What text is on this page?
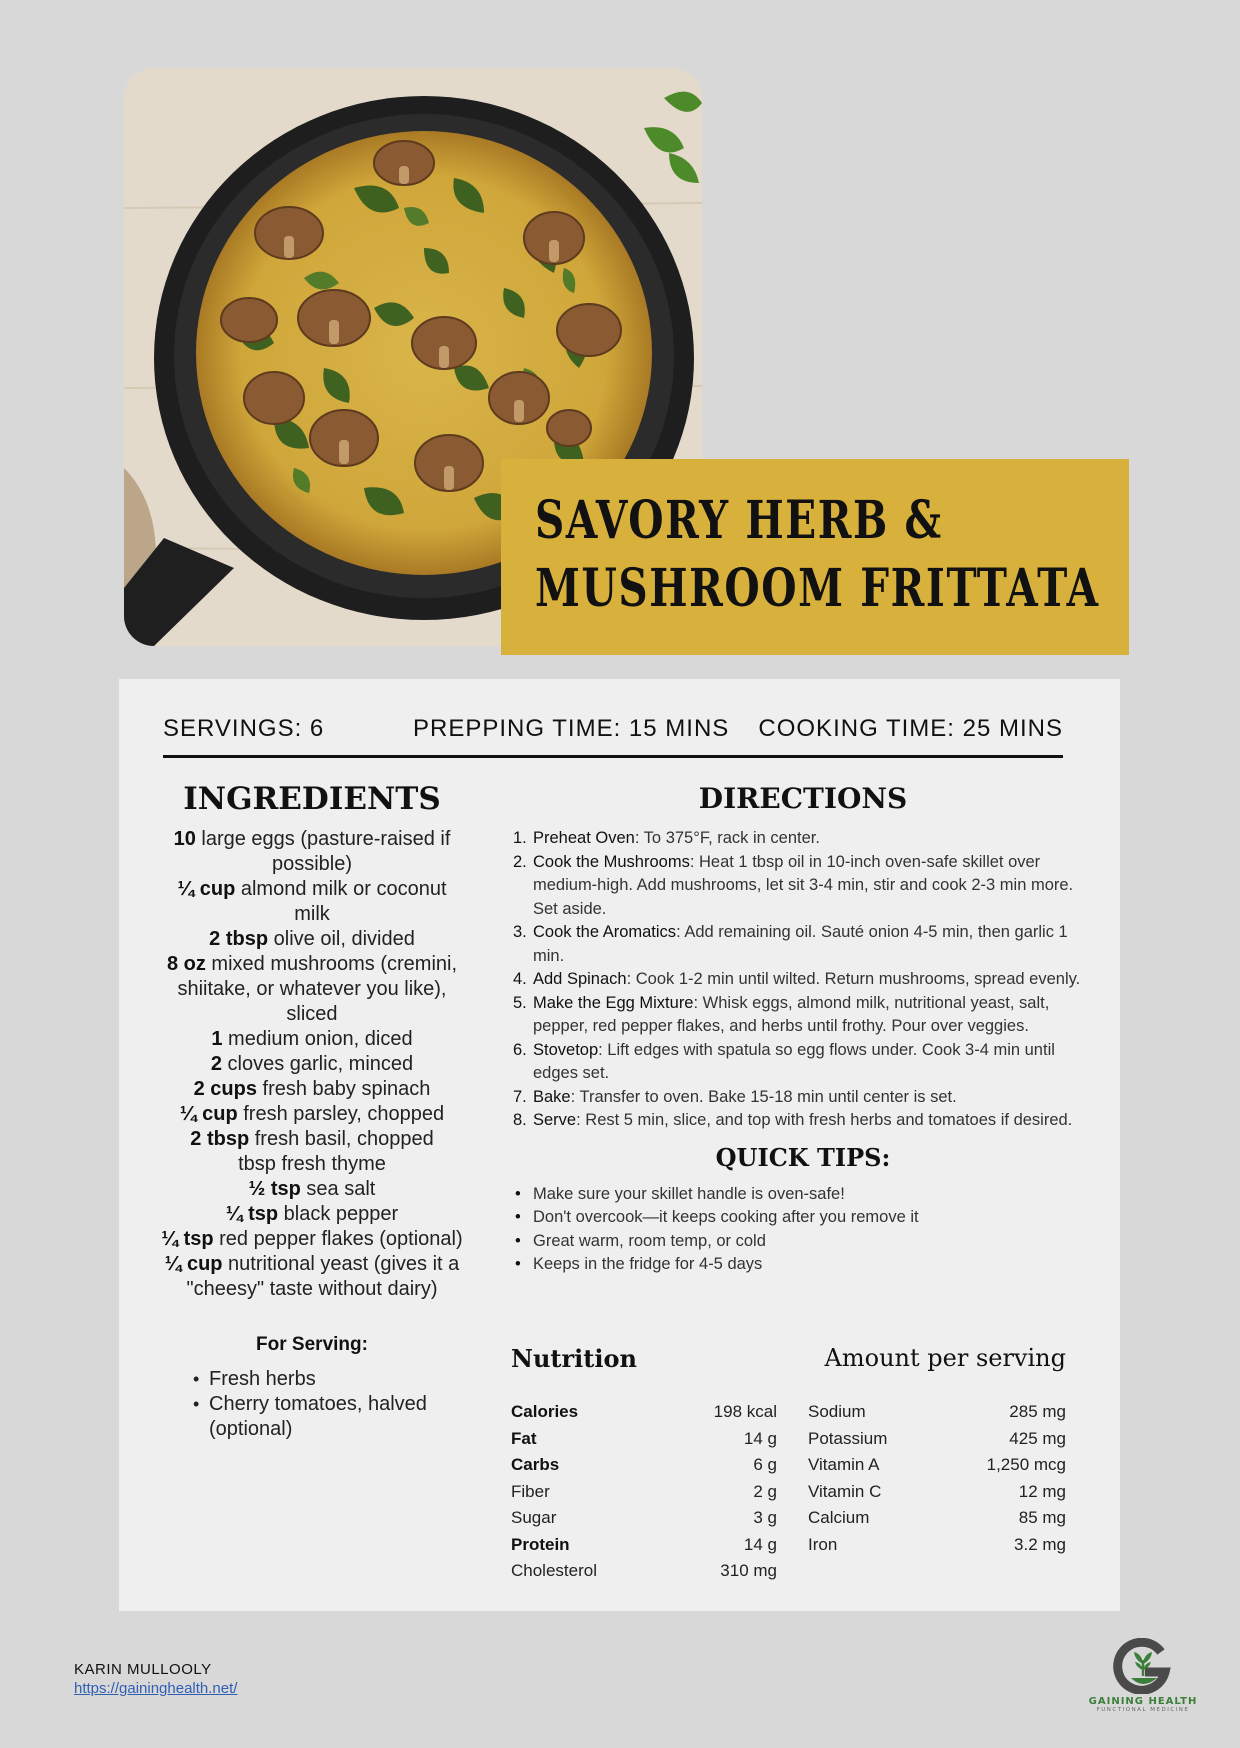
SAVORY HERB &
MUSHROOM FRITTATA
SERVINGS: 6	PREPPING TIME: 15 MINS COOKING TIME: 25 MINS
INGREDIENTS
10 large eggs (pasture-raised if possible)
¼ cup almond milk or coconut milk
2 tbsp olive oil, divided
8 oz mixed mushrooms (cremini, shiitake, or whatever you like), sliced
1 medium onion, diced
2 cloves garlic, minced
2 cups fresh baby spinach
¼ cup fresh parsley, chopped
2 tbsp fresh basil, chopped
tbsp fresh thyme
½ tsp sea salt
¼ tsp black pepper
¼ tsp red pepper flakes (optional)
¼ cup nutritional yeast (gives it a "cheesy" taste without dairy)
For Serving:
• Fresh herbs
• Cherry tomatoes, halved (optional)
DIRECTIONS
1. Preheat Oven: To 375°F, rack in center.
2. Cook the Mushrooms: Heat 1 tbsp oil in 10-inch oven-safe skillet over medium-high. Add mushrooms, let sit 3-4 min, stir and cook 2-3 min more. Set aside.
3. Cook the Aromatics: Add remaining oil. Sauté onion 4-5 min, then garlic 1 min.
4. Add Spinach: Cook 1-2 min until wilted. Return mushrooms, spread evenly.
5. Make the Egg Mixture: Whisk eggs, almond milk, nutritional yeast, salt, pepper, red pepper flakes, and herbs until frothy. Pour over veggies.
6. Stovetop: Lift edges with spatula so egg flows under. Cook 3-4 min until edges set.
7. Bake: Transfer to oven. Bake 15-18 min until center is set.
8. Serve: Rest 5 min, slice, and top with fresh herbs and tomatoes if desired.
QUICK TIPS:
• Make sure your skillet handle is oven-safe!
• Don't overcook—it keeps cooking after you remove it
• Great warm, room temp, or cold
• Keeps in the fridge for 4-5 days
Nutrition	Amount per serving
Calories	198 kcal
Fat	14 g
Carbs	6 g
Fiber	2 g
Sugar	3 g
Protein	14 g
Cholesterol	310 mg
Sodium	285 mg
Potassium	425 mg
Vitamin A	1,250 mcg
Vitamin C	12 mg
Calcium	85 mg
Iron	3.2 mg
KARIN MULLOOLY
https://gaininghealth.net/
GAINING HEALTH
FUNCTIONAL MEDICINE
